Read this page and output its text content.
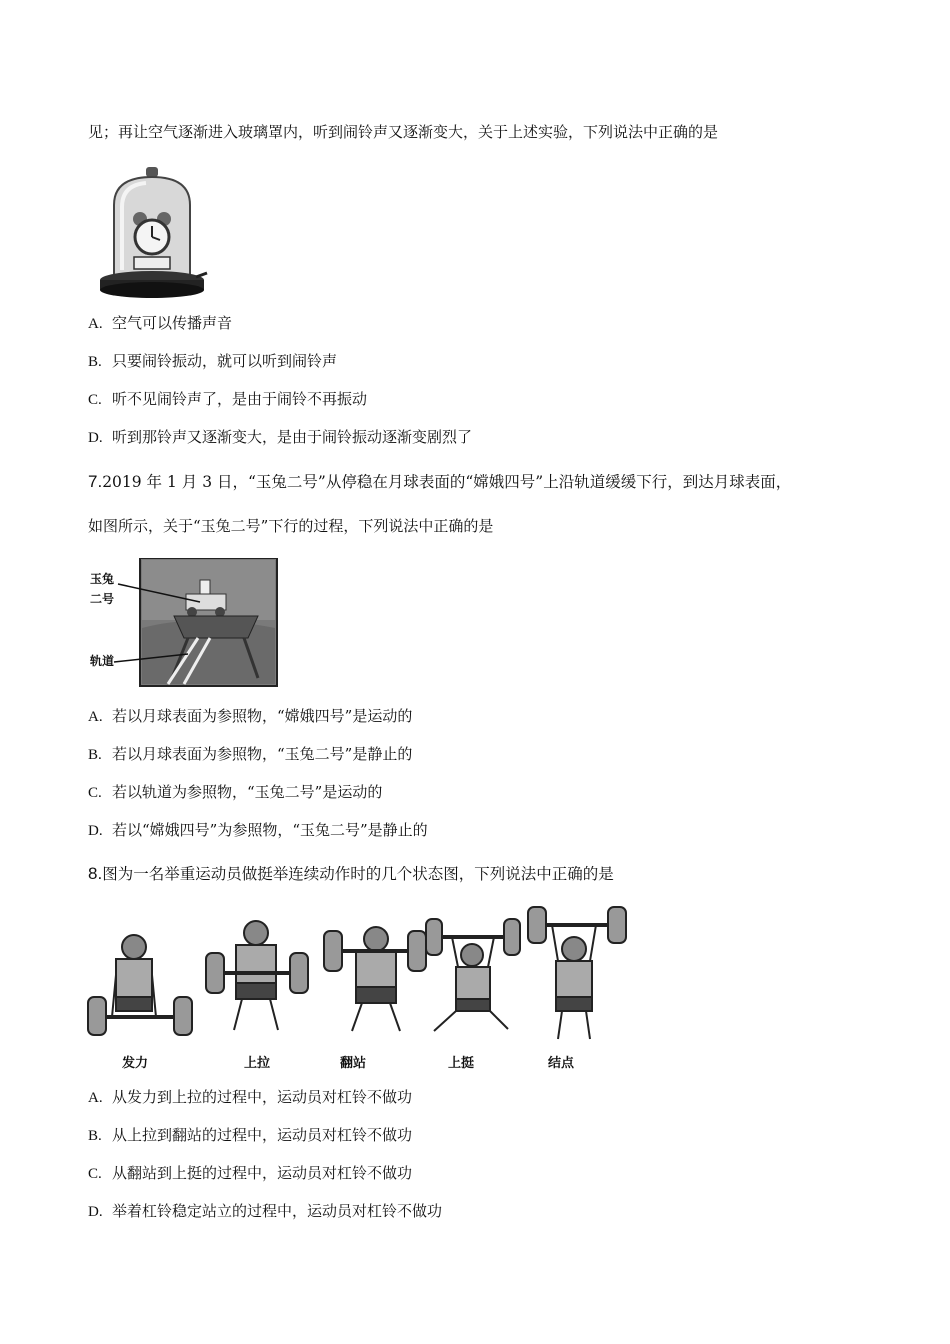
见；再让空气逐渐进入玻璃罩内，听到闹铃声又逐渐变大，关于上述实验，下列说法中正确的是
A. 空气可以传播声音
B. 只要闹铃振动，就可以听到闹铃声
C. 听不见闹铃声了，是由于闹铃不再振动
D. 听到那铃声又逐渐变大，是由于闹铃振动逐渐变剧烈了
7.2019 年 1 月 3 日，“玉兔二号”从停稳在月球表面的“嫦娥四号”上沿轨道缓缓下行，到达月球表面，
如图所示，关于“玉兔二号”下行的过程，下列说法中正确的是
玉兔
二号
轨道
A. 若以月球表面为参照物，“嫦娥四号”是运动的
B. 若以月球表面为参照物，“玉兔二号”是静止的
C. 若以轨道为参照物，“玉兔二号”是运动的
D. 若以“嫦娥四号”为参照物，“玉兔二号”是静止的
8.图为一名举重运动员做挺举连续动作时的几个状态图，下列说法中正确的是
发力	上拉	翻站	上挺	结点
A. 从发力到上拉的过程中，运动员对杠铃不做功
B. 从上拉到翻站的过程中，运动员对杠铃不做功
C. 从翻站到上挺的过程中，运动员对杠铃不做功
D. 举着杠铃稳定站立的过程中，运动员对杠铃不做功
